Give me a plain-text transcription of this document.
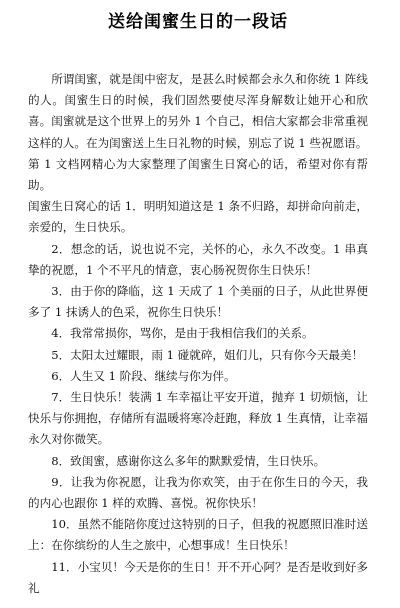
送给闺蜜生日的一段话

所谓闺蜜，就是闺中密友，是甚么时候都会永久和你统 1 阵线的人。闺蜜生日的时候，我们固然要使尽浑身解数让她开心和欣喜。闺蜜就是这个世界上的另外 1 个自己，相信大家都会非常重视这样的人。在为闺蜜送上生日礼物的时候，别忘了说 1 些祝愿语。

第 1 文档网精心为大家整理了闺蜜生日窝心的话，希望对你有帮助。

闺蜜生日窝心的话 1．明明知道这是 1 条不归路，却拼命向前走，亲爱的，生日快乐。

2．想念的话，说也说不完，关怀的心，永久不改变。1 串真挚的祝愿，1 个不平凡的情意，衷心肠祝贺你生日快乐！

3．由于你的降临，这 1 天成了 1 个美丽的日子，从此世界便多了 1 抹诱人的色采，祝你生日快乐！

4．我常常损你，骂你，是由于我相信我们的关系。

5．太阳太过耀眼，雨 1 碰就碎，姐们儿，只有你今天最美！

6．人生又 1 阶段、继续与你为伴。

7．生日快乐！装满 1 车幸福让平安开道，抛弃 1 切烦恼，让快乐与你拥抱，存储所有温暖将寒冷赶跑，释放 1 生真情，让幸福永久对你微笑。

8．致闺蜜，感谢你这么多年的默默爱情，生日快乐。

9．让我为你祝愿，让我为你欢笑，由于在你生日的今天，我的内心也跟你 1 样的欢腾、喜悦。祝你快乐！

10．虽然不能陪你度过这特别的日子，但我的祝愿照旧准时送上：在你缤纷的人生之旅中，心想事成！生日快乐！

11．小宝贝！今天是你的生日！开不开心阿？是否是收到好多礼
